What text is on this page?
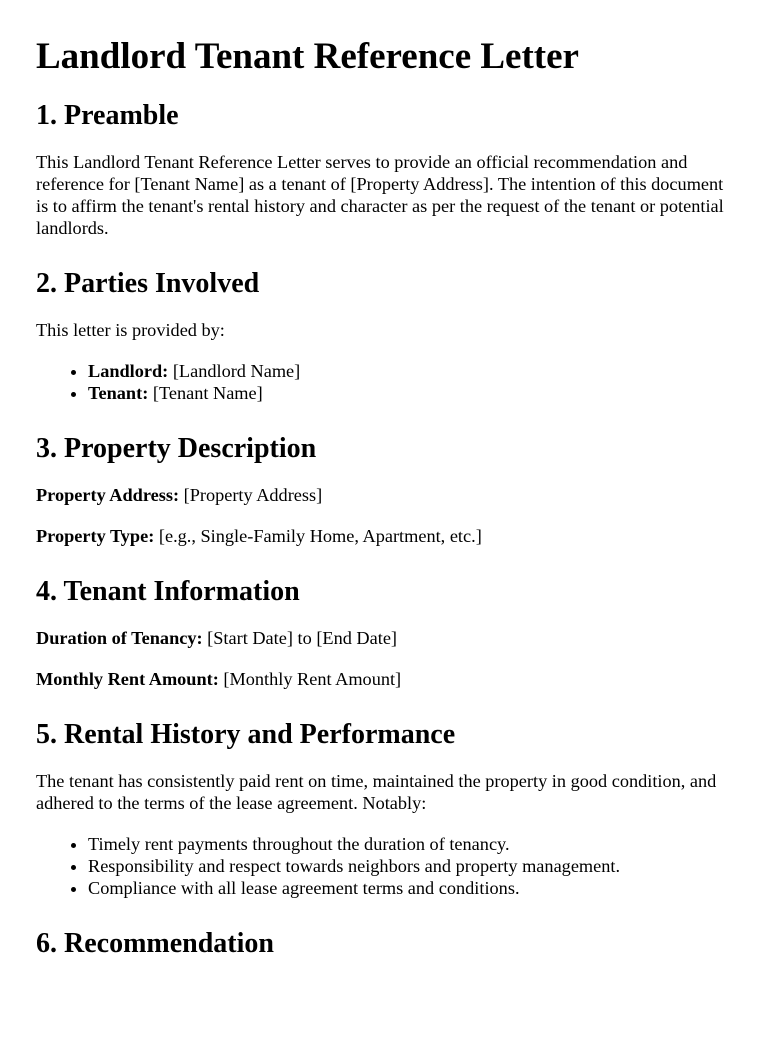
Landlord Tenant Reference Letter
1. Preamble

This Landlord Tenant Reference Letter serves to provide an official recommendation and reference for [Tenant Name] as a tenant of [Property Address]. The intention of this document is to affirm the tenant's rental history and character as per the request of the tenant or potential landlords.

2. Parties Involved

This letter is provided by:

• Landlord: [Landlord Name]
• Tenant: [Tenant Name]
3. Property Description

Property Address: [Property Address]

Property Type: [e.g., Single-Family Home, Apartment, etc.]

4. Tenant Information

Duration of Tenancy: [Start Date] to [End Date]

Monthly Rent Amount: [Monthly Rent Amount]

5. Rental History and Performance

The tenant has consistently paid rent on time, maintained the property in good condition, and adhered to the terms of the lease agreement. Notably:

• Timely rent payments throughout the duration of tenancy.
• Responsibility and respect towards neighbors and property management.
• Compliance with all lease agreement terms and conditions.
6. Recommendation
